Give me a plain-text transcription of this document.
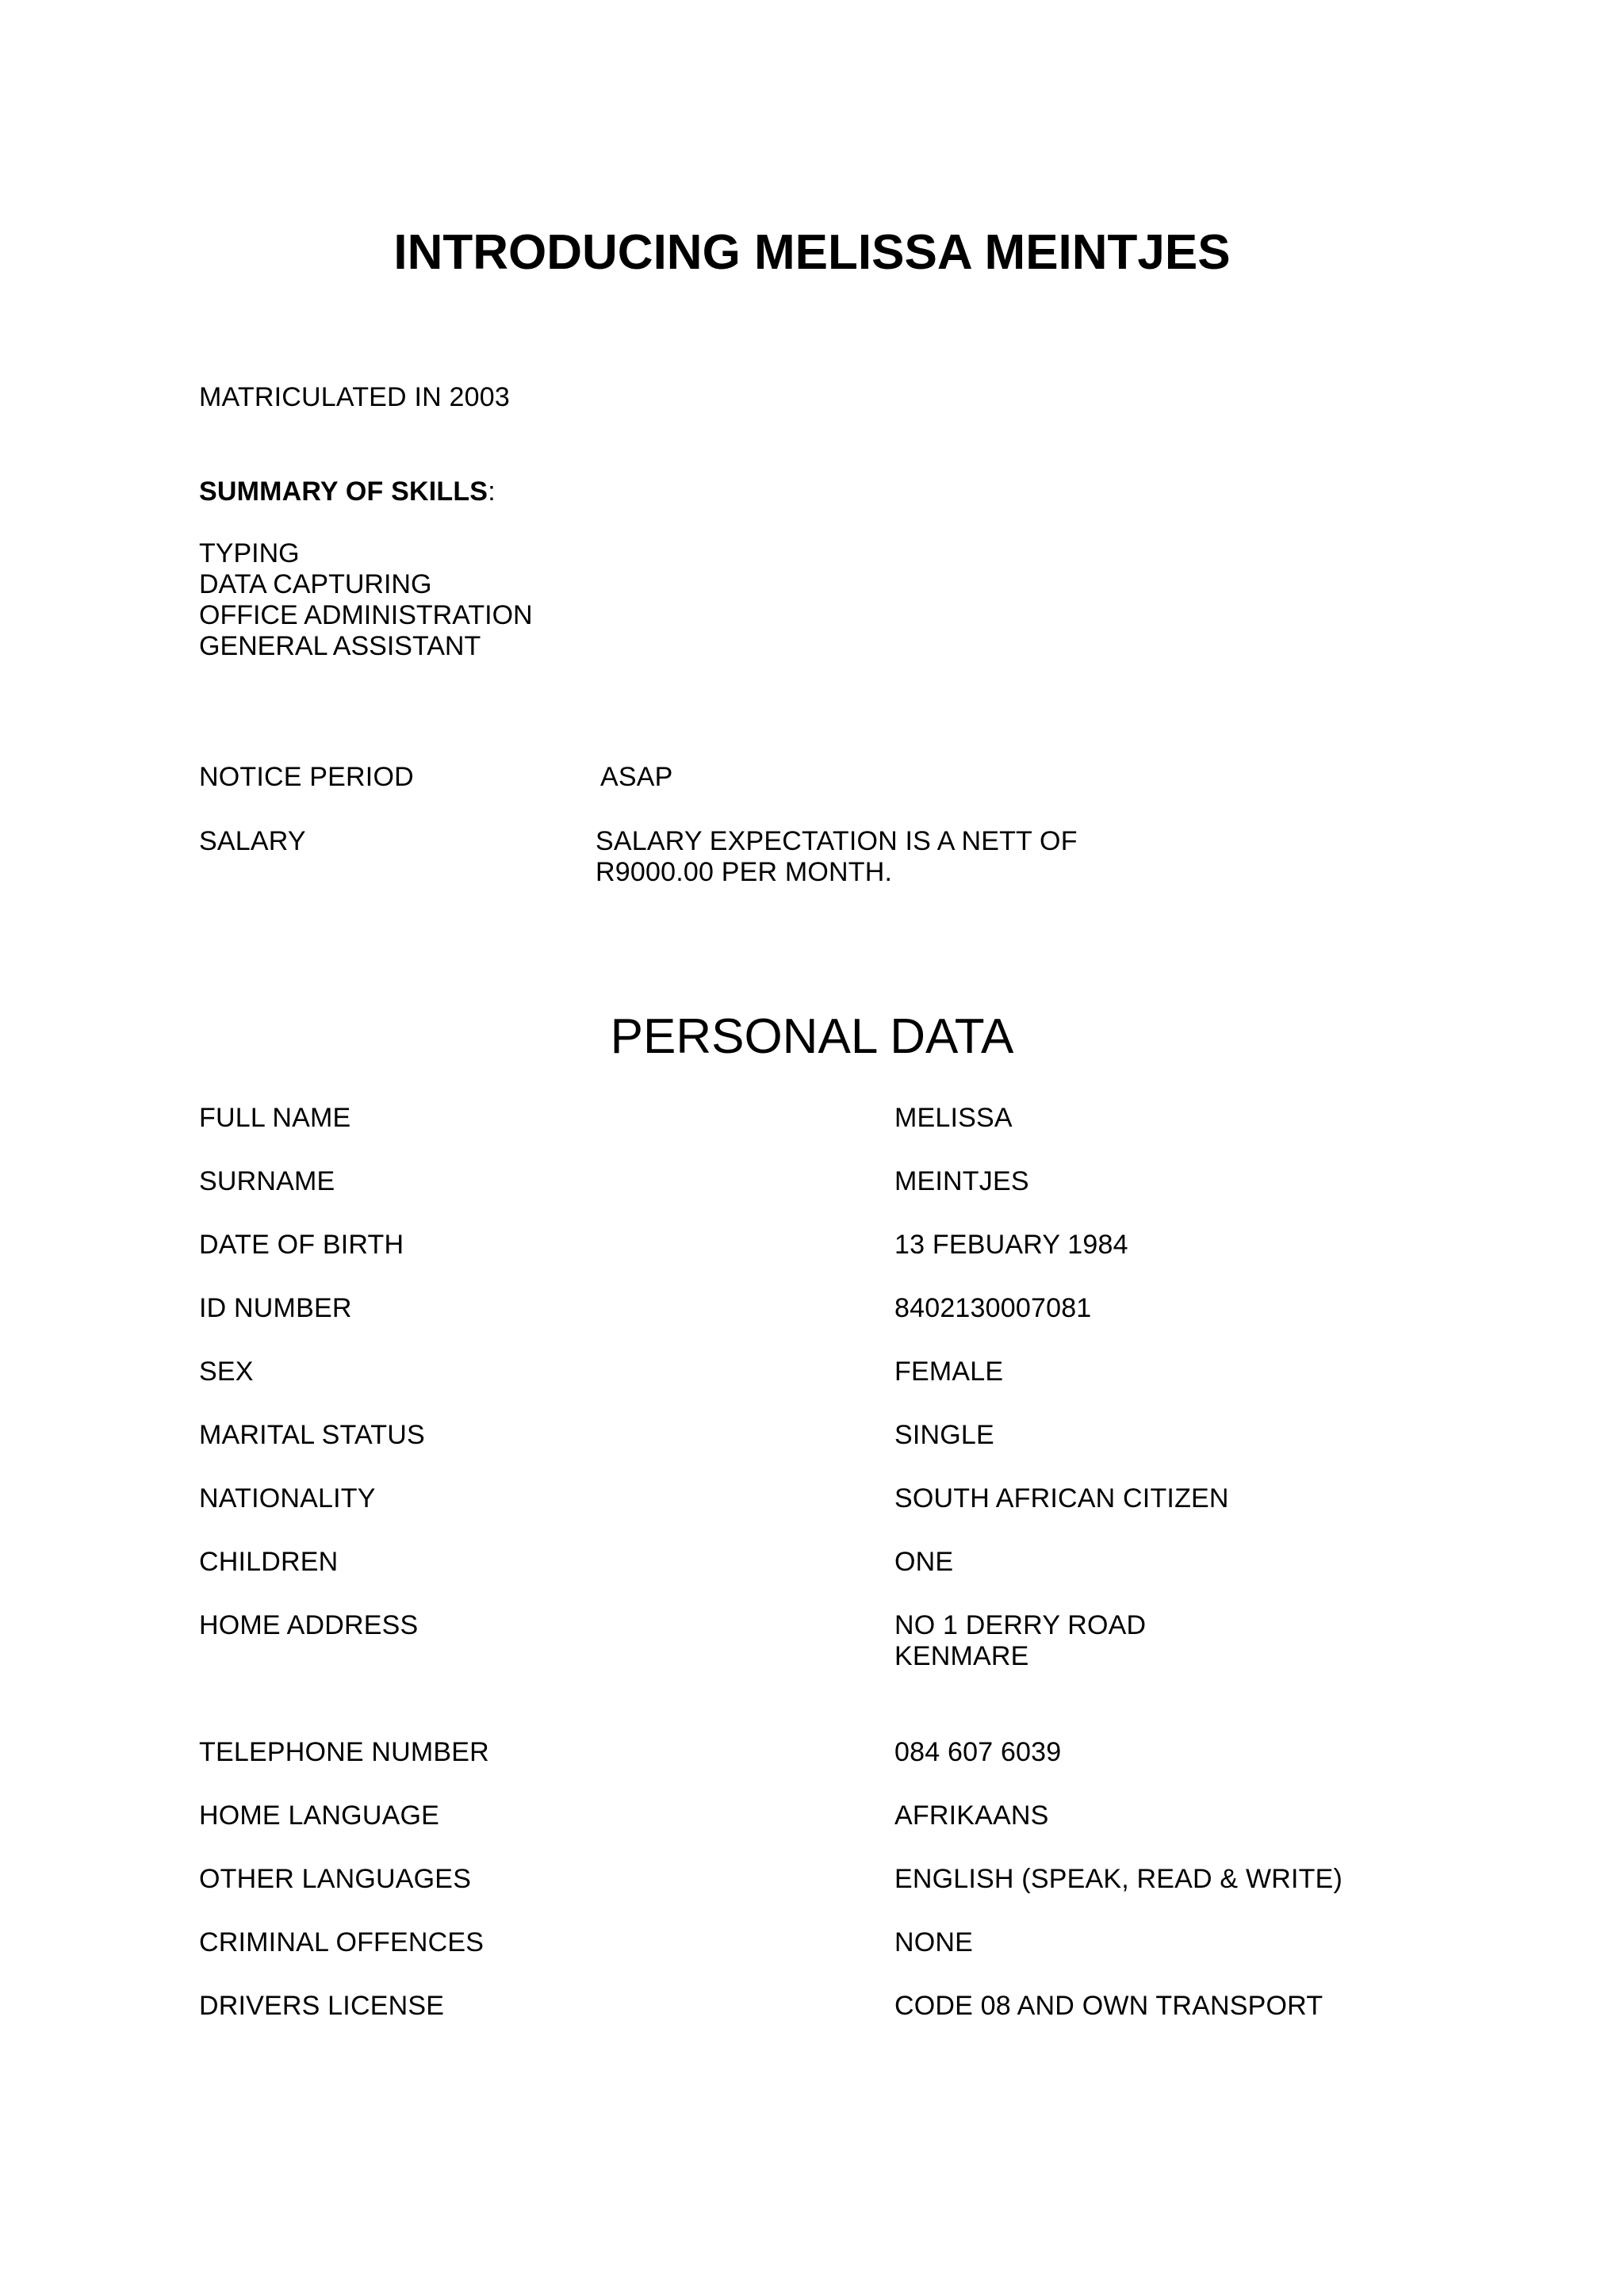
INTRODUCING MELISSA MEINTJES
MATRICULATED IN 2003
SUMMARY OF SKILLS:
TYPING
DATA CAPTURING
OFFICE ADMINISTRATION
GENERAL ASSISTANT
NOTICE PERIOD	ASAP
SALARY	SALARY EXPECTATION IS A NETT OF
R9000.00 PER MONTH.
PERSONAL DATA
FULL NAME	MELISSA
SURNAME	MEINTJES
DATE OF BIRTH	13 FEBUARY 1984
ID NUMBER	8402130007081
SEX	FEMALE
MARITAL STATUS	SINGLE
NATIONALITY	SOUTH AFRICAN CITIZEN
CHILDREN	ONE
HOME ADDRESS	NO 1 DERRY ROAD
KENMARE
TELEPHONE NUMBER	084 607 6039
HOME LANGUAGE	AFRIKAANS
OTHER LANGUAGES	ENGLISH (SPEAK, READ & WRITE)
CRIMINAL OFFENCES	NONE
DRIVERS LICENSE	CODE 08 AND OWN TRANSPORT
